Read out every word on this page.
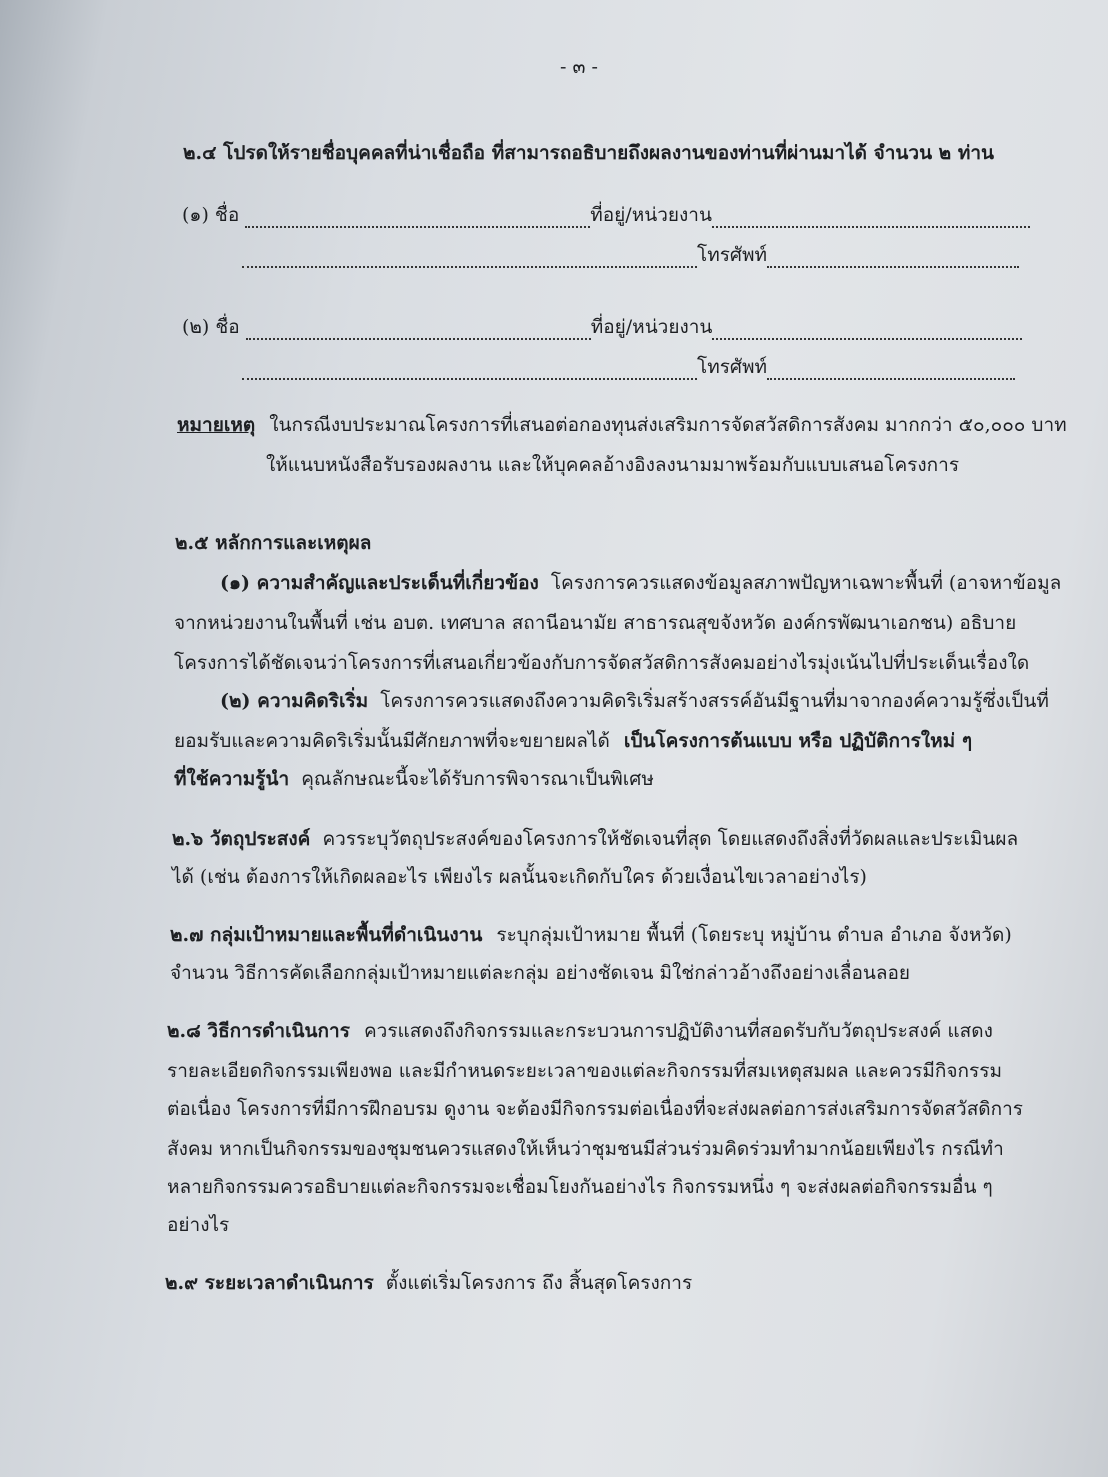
- ๓ -
๒.๔ โปรดให้รายชื่อบุคคลที่น่าเชื่อถือ ที่สามารถอธิบายถึงผลงานของท่านที่ผ่านมาได้ จำนวน ๒ ท่าน
(๑) ชื่อ	ที่อยู่/หน่วยงาน
โทรศัพท์
(๒) ชื่อ	ที่อยู่/หน่วยงาน
โทรศัพท์
หมายเหตุ ในกรณีงบประมาณโครงการที่เสนอต่อกองทุนส่งเสริมการจัดสวัสดิการสังคม มากกว่า ๕๐,๐๐๐ บาท
ให้แนบหนังสือรับรองผลงาน และให้บุคคลอ้างอิงลงนามมาพร้อมกับแบบเสนอโครงการ
๒.๕ หลักการและเหตุผล
(๑) ความสำคัญและประเด็นที่เกี่ยวข้อง โครงการควรแสดงข้อมูลสภาพปัญหาเฉพาะพื้นที่ (อาจหาข้อมูล
จากหน่วยงานในพื้นที่ เช่น อบต. เทศบาล สถานีอนามัย สาธารณสุขจังหวัด องค์กรพัฒนาเอกชน) อธิบาย
โครงการได้ชัดเจนว่าโครงการที่เสนอเกี่ยวข้องกับการจัดสวัสดิการสังคมอย่างไรมุ่งเน้นไปที่ประเด็นเรื่องใด
(๒) ความคิดริเริ่ม โครงการควรแสดงถึงความคิดริเริ่มสร้างสรรค์อันมีฐานที่มาจากองค์ความรู้ซึ่งเป็นที่
ยอมรับและความคิดริเริ่มนั้นมีศักยภาพที่จะขยายผลได้ เป็นโครงการต้นแบบ หรือ ปฏิบัติการใหม่ ๆ
ที่ใช้ความรู้นำ คุณลักษณะนี้จะได้รับการพิจารณาเป็นพิเศษ
๒.๖ วัตถุประสงค์ ควรระบุวัตถุประสงค์ของโครงการให้ชัดเจนที่สุด โดยแสดงถึงสิ่งที่วัดผลและประเมินผล
ได้ (เช่น ต้องการให้เกิดผลอะไร เพียงไร ผลนั้นจะเกิดกับใคร ด้วยเงื่อนไขเวลาอย่างไร)
๒.๗ กลุ่มเป้าหมายและพื้นที่ดำเนินงาน ระบุกลุ่มเป้าหมาย พื้นที่ (โดยระบุ หมู่บ้าน ตำบล อำเภอ จังหวัด)
จำนวน วิธีการคัดเลือกกลุ่มเป้าหมายแต่ละกลุ่ม อย่างชัดเจน มิใช่กล่าวอ้างถึงอย่างเลื่อนลอย
๒.๘ วิธีการดำเนินการ ควรแสดงถึงกิจกรรมและกระบวนการปฏิบัติงานที่สอดรับกับวัตถุประสงค์ แสดง
รายละเอียดกิจกรรมเพียงพอ และมีกำหนดระยะเวลาของแต่ละกิจกรรมที่สมเหตุสมผล และควรมีกิจกรรม
ต่อเนื่อง โครงการที่มีการฝึกอบรม ดูงาน จะต้องมีกิจกรรมต่อเนื่องที่จะส่งผลต่อการส่งเสริมการจัดสวัสดิการ
สังคม หากเป็นกิจกรรมของชุมชนควรแสดงให้เห็นว่าชุมชนมีส่วนร่วมคิดร่วมทำมากน้อยเพียงไร กรณีทำ
หลายกิจกรรมควรอธิบายแต่ละกิจกรรมจะเชื่อมโยงกันอย่างไร กิจกรรมหนึ่ง ๆ จะส่งผลต่อกิจกรรมอื่น ๆ
อย่างไร
๒.๙ ระยะเวลาดำเนินการ ตั้งแต่เริ่มโครงการ ถึง สิ้นสุดโครงการ
